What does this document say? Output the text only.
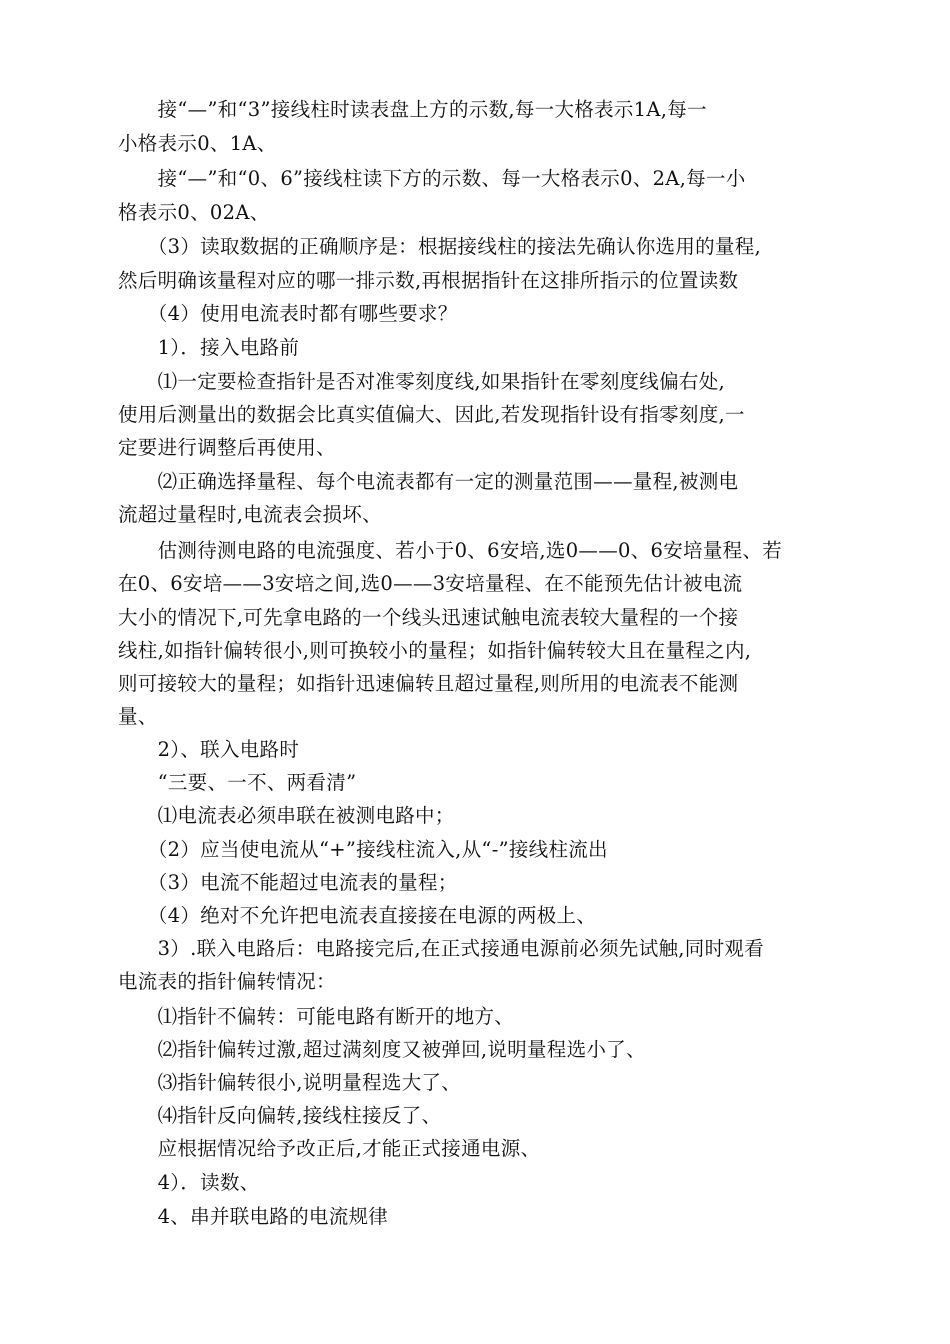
　　接“—”和“3”接线柱时读表盘上方的示数,每一大格表示1A,每一
小格表示0、1A、
　　接“—”和“0、6”接线柱读下方的示数、每一大格表示0、2A,每一小
格表示0、02A、
　　（3）读取数据的正确顺序是：根据接线柱的接法先确认你选用的量程,
然后明确该量程对应的哪一排示数,再根据指针在这排所指示的位置读数
　　（4）使用电流表时都有哪些要求？
　　1）．接入电路前
　　⑴一定要检查指针是否对准零刻度线,如果指针在零刻度线偏右处,
使用后测量出的数据会比真实值偏大、因此,若发现指针设有指零刻度,一
定要进行调整后再使用、
　　⑵正确选择量程、每个电流表都有一定的测量范围——量程,被测电
流超过量程时,电流表会损坏、
　　估测待测电路的电流强度、若小于0、6安培,选0——0、6安培量程、若
在0、6安培——3安培之间,选0——3安培量程、在不能预先估计被电流
大小的情况下,可先拿电路的一个线头迅速试触电流表较大量程的一个接
线柱,如指针偏转很小,则可换较小的量程；如指针偏转较大且在量程之内,
则可接较大的量程；如指针迅速偏转且超过量程,则所用的电流表不能测
量、
　　2）、联入电路时
　　“三要、一不、两看清”
　　⑴电流表必须串联在被测电路中；
　　（2）应当使电流从“+”接线柱流入,从“-”接线柱流出
　　（3）电流不能超过电流表的量程；
　　（4）绝对不允许把电流表直接接在电源的两极上、
　　3）.联入电路后：电路接完后,在正式接通电源前必须先试触,同时观看
电流表的指针偏转情况：
　　⑴指针不偏转：可能电路有断开的地方、
　　⑵指针偏转过激,超过满刻度又被弹回,说明量程选小了、
　　⑶指针偏转很小,说明量程选大了、
　　⑷指针反向偏转,接线柱接反了、
　　应根据情况给予改正后,才能正式接通电源、
　　4）．读数、
　　4、串并联电路的电流规律
